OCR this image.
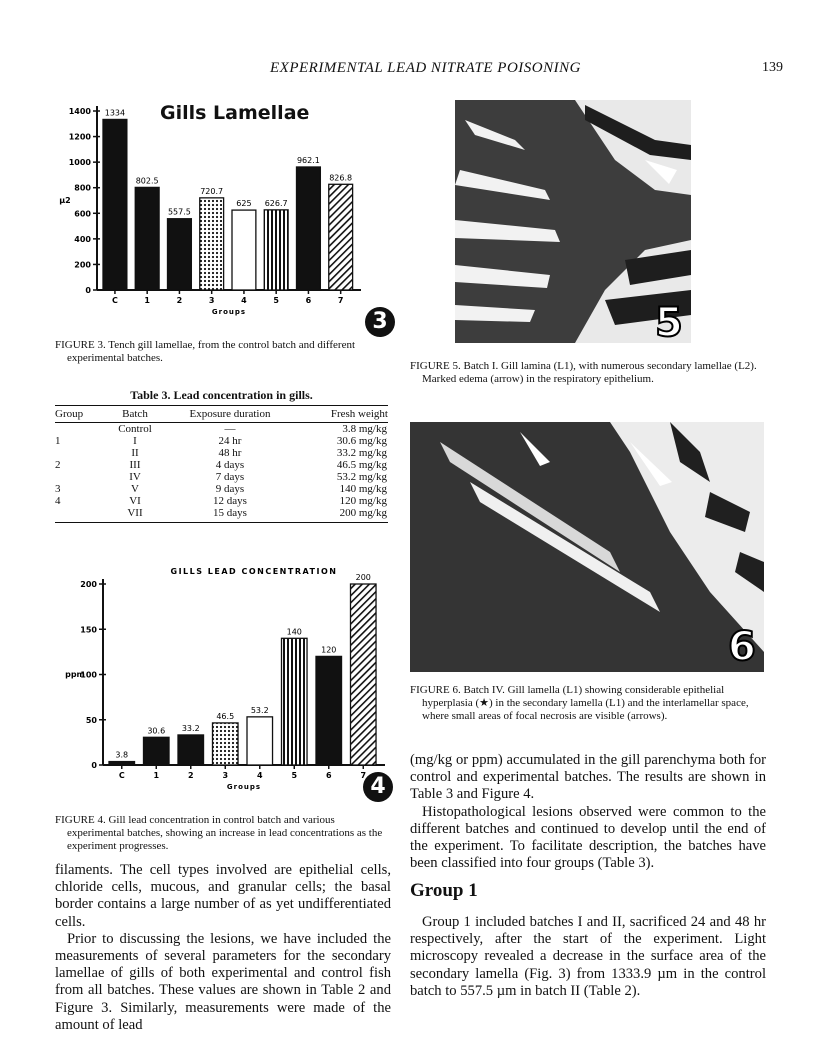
EXPERIMENTAL LEAD NITRATE POISONING	139
0
200
400
600
800
1000
1200
1400 1334
C
802.5
1
557.5
2
720.7
3
625
4
626.7
5
962.1
6
826.8
7
Groups
µ2
Gills Lamellae
3
FIGURE 3. Tench gill lamellae, from the control batch and different experimental batches.
Table 3. Lead concentration in gills.
Group	Batch	Exposure duration	Fresh weight
	Control	—	3.8 mg/kg
1	I	24 hr	30.6 mg/kg
	II	48 hr	33.2 mg/kg
2	III	4 days	46.5 mg/kg
	IV	7 days	53.2 mg/kg
3	V	9 days	140 mg/kg
4	VI	12 days	120 mg/kg
	VII	15 days	200 mg/kg

0
50
100
150
200
3.8
C
30.6
1
33.2
2
46.5
3
53.2
4
140
5
120
6
200
7
Groups
ppm
GILLS LEAD CONCENTRATION
4
FIGURE 4. Gill lead concentration in control batch and various experimental batches, showing an increase in lead concentrations as the experiment progresses.

filaments. The cell types involved are epithelial cells, chloride cells, mucous, and granular cells; the basal border contains a large number of as yet undifferentiated cells.

Prior to discussing the lesions, we have included the measurements of several parameters for the secondary lamellae of gills of both experimental and control fish from all batches. These values are shown in Table 2 and Figure 3. Similarly, measurements were made of the amount of lead

5
FIGURE 5. Batch I. Gill lamina (L1), with numerous secondary lamellae (L2). Marked edema (arrow) in the respiratory epithelium.
6
FIGURE 6. Batch IV. Gill lamella (L1) showing considerable epithelial hyperplasia (★) in the secondary lamella (L1) and the interlamellar space, where small areas of focal necrosis are visible (arrows).

(mg/kg or ppm) accumulated in the gill parenchyma both for control and experimental batches. The results are shown in Table 3 and Figure 4.

Histopathological lesions observed were common to the different batches and continued to develop until the end of the experiment. To facilitate description, the batches have been classified into four groups (Table 3).

Group 1

Group 1 included batches I and II, sacrificed 24 and 48 hr respectively, after the start of the experiment. Light microscopy revealed a decrease in the surface area of the secondary lamella (Fig. 3) from 1333.9 µm in the control batch to 557.5 µm in batch II (Table 2).
